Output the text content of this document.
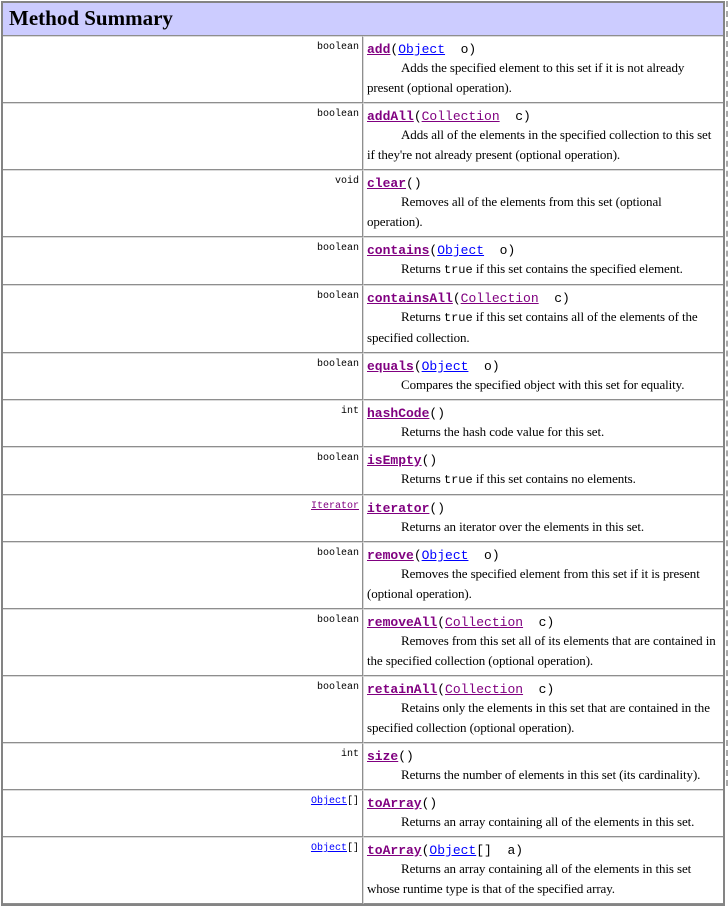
Method Summary	
boolean	add(Object  o)
Adds the specified element to this set if it is not already present (optional operation).

boolean	addAll(Collection  c)
Adds all of the elements in the specified collection to this set if they're not already present (optional operation).

void	clear()
Removes all of the elements from this set (optional operation).

boolean	contains(Object  o)
Returns true if this set contains the specified element.

boolean	containsAll(Collection  c)
Returns true if this set contains all of the elements of the specified collection.

boolean	equals(Object  o)
Compares the specified object with this set for equality.

int	hashCode()
Returns the hash code value for this set.

boolean	isEmpty()
Returns true if this set contains no elements.

Iterator	iterator()
Returns an iterator over the elements in this set.

boolean	remove(Object  o)
Removes the specified element from this set if it is present (optional operation).

boolean	removeAll(Collection  c)
Removes from this set all of its elements that are contained in the specified collection (optional operation).

boolean	retainAll(Collection  c)
Retains only the elements in this set that are contained in the specified collection (optional operation).

int	size()
Returns the number of elements in this set (its cardinality).

Object[]	toArray()
Returns an array containing all of the elements in this set.

Object[]	toArray(Object[]  a)
Returns an array containing all of the elements in this set whose runtime type is that of the specified array.
